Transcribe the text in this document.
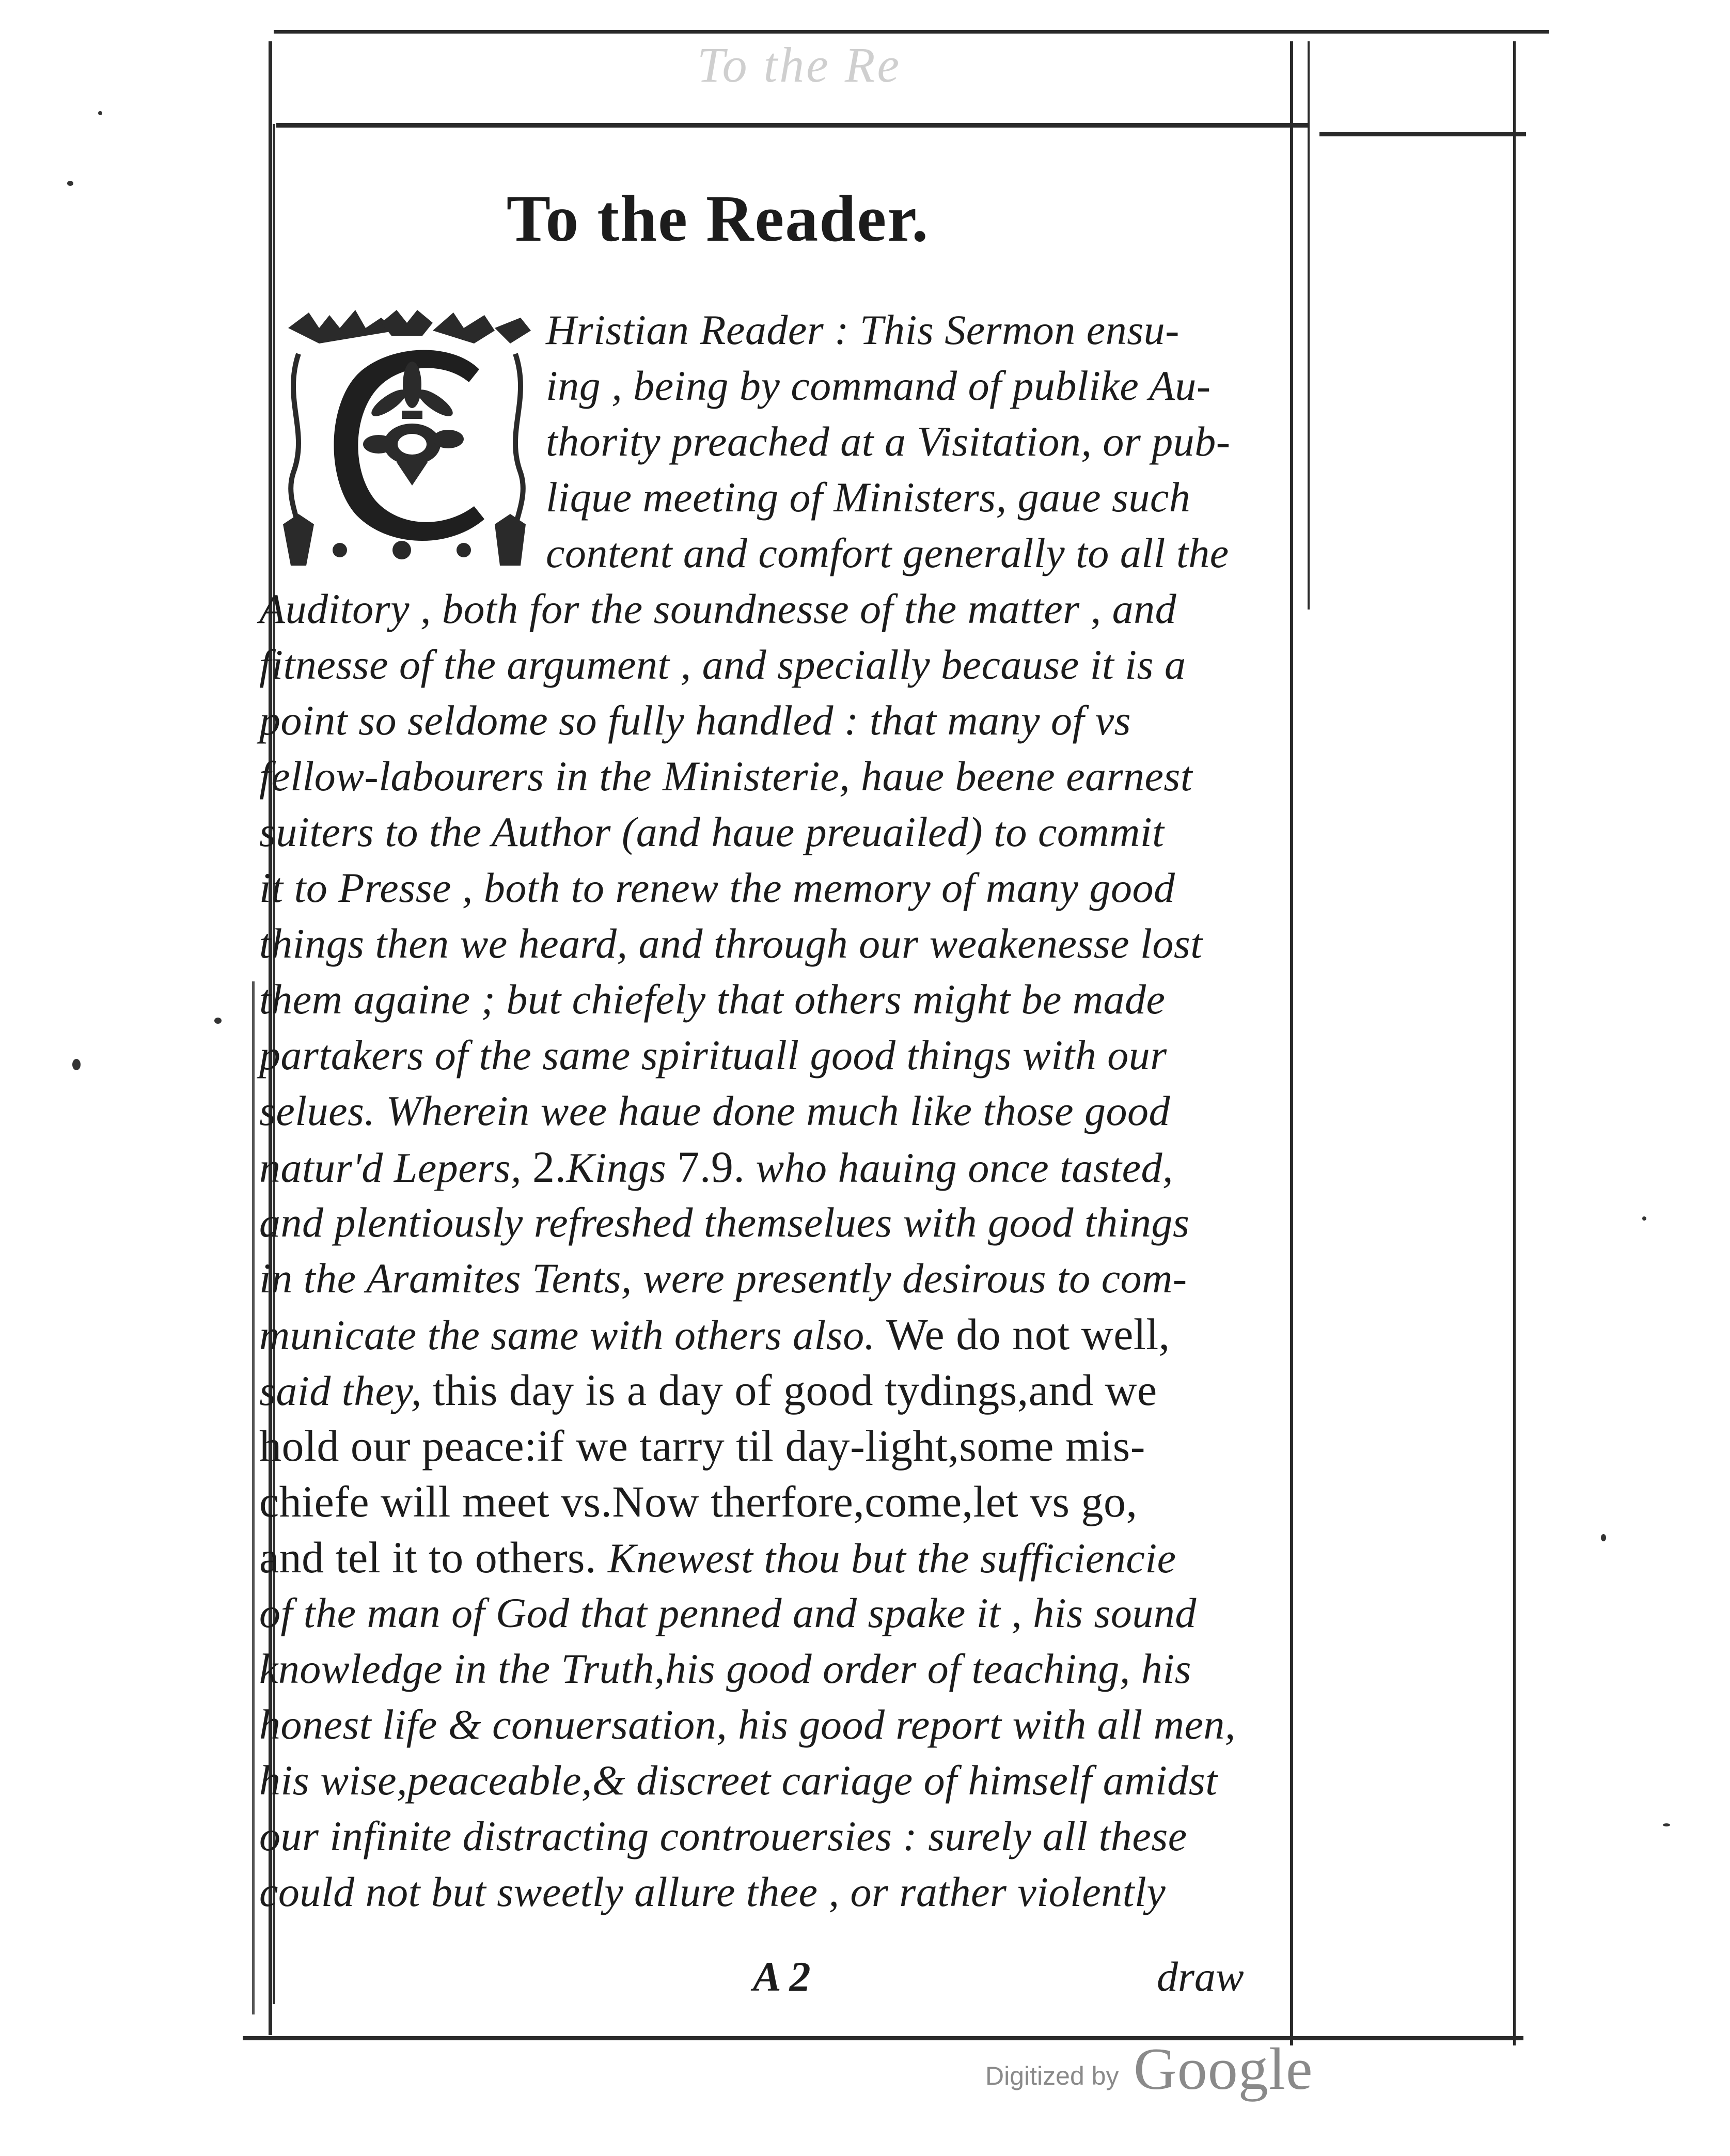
To the Re
To the Reader.
Hristian Reader : This Sermon ensu-
ing , being by command of publike Au-
thority preached at a Visitation, or pub-
lique meeting of Ministers, gaue such
content and comfort generally to all the
Auditory , both for the soundnesse of the matter , and
fitnesse of the argument , and specially because it is a
point so seldome so fully handled : that many of vs
fellow-labourers in the Ministerie, haue beene earnest
suiters to the Author (and haue preuailed) to commit
it to Presse , both to renew the memory of many good
things then we heard, and through our weakenesse lost
them againe ; but chiefely that others might be made
partakers of the same spirituall good things with our
selues. Wherein wee haue done much like those good
natur'd Lepers, 2.Kings 7.9. who hauing once tasted,
and plentiously refreshed themselues with good things
in the Aramites Tents, were presently desirous to com-
municate the same with others also. We do not well,
said they, this day is a day of good tydings,and we
hold our peace:if we tarry til day-light,some mis-
chiefe will meet vs.Now therfore,come,let vs go,
and tel it to others. Knewest thou but the sufficiencie
of the man of God that penned and spake it , his sound
knowledge in the Truth,his good order of teaching, his
honest life & conuersation, his good report with all men,
his wise,peaceable,& discreet cariage of himself amidst
our infinite distracting controuersies : surely all these
could not but sweetly allure thee , or rather violently
A 2	draw
Digitized by Google
